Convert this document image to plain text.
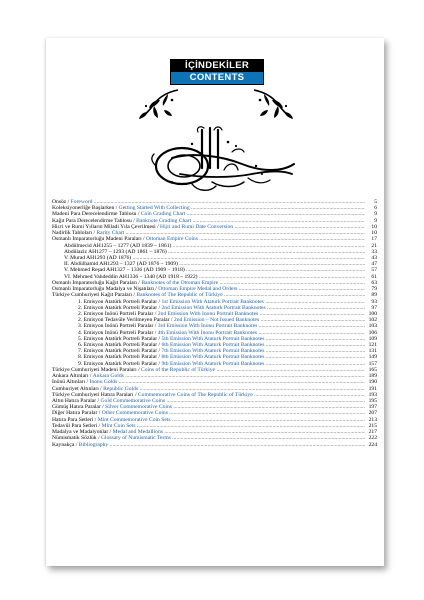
İÇİNDEKİLER
CONTENTS
Önsöz / Foreword .....	5
Koleksiyonerliğe Başlarken / Getting Started With Collecting .....	6
Madeni Para Derecelendirme Tablosu / Coin Grading Chart .....	9
Kağıt Para Derecelendirme Tablosu / Banknote Grading Chart .....	9
Hicri ve Rumi Yılların Miladi Yıla Çevrilmesi / Hijri and Rumi Date Conversion .....	10
Nadirlik Tabloları / Rarity Chart .....	10
Osmanlı İmparatorluğu Madeni Paraları / Ottoman Empire Coins .....	17
Abdülmecid AH1255 – 1277 (AD 1839 – 1861) .....	21
Abdülaziz AH1277 – 1293 (AD 1861 – 1876) .....	33
V. Murad AH1293 (AD 1876) .....	43
II. Abdülhamid AH1293 – 1327 (AD 1876 – 1909) .....	47
V. Mehmed Reşad AH1327 – 1336 (AD 1909 – 1918) .....	57
VI. Mehmed Vahdeddin AH1336 – 1340 (AD 1918 – 1922) .....	61
Osmanlı İmparatorluğu Kağıt Paraları / Banknotes of the Ottoman Empire .....	63
Osmanlı İmparatorluğu Madalya ve Nişanları / Ottoman Empire Medal and Orders .....	79
Türkiye Cumhuriyeti Kağıt Paraları / Banknotes of The Republic of Türkiye .....	89
1. Emisyon Atatürk Portreli Paralar / 1st Emission With Ataturk Portrait Banknotes .....	93
2. Emisyon Atatürk Portreli Paralar / 2nd Emission With Ataturk Portrait Banknotes .....	97
2. Emisyon İnönü Portreli Paralar / 2nd Emission With Inonu Portrait Banknotes .....	100
2. Emisyon Tedavüle Verilmeyen Paralar / 2nd Emission – Not Issued Banknotes .....	102
3. Emisyon İnönü Portreli Paralar / 3rd Emission With Inonu Portrait Banknotes .....	103
4. Emisyon İnönü Portreli Paralar / 4th Emission With Inonu Portrait Banknotes .....	106
5. Emisyon Atatürk Portreli Paralar / 5th Emission With Ataturk Portrait Banknotes .....	109
6. Emisyon Atatürk Portreli Paralar / 6th Emission With Ataturk Portrait Banknotes .....	121
7. Emisyon Atatürk Portreli Paralar / 7th Emission With Ataturk Portrait Banknotes .....	131
8. Emisyon Atatürk Portreli Paralar / 8th Emission With Ataturk Portrait Banknotes .....	149
9. Emisyon Atatürk Portreli Paralar / 9th Emission With Ataturk Portrait Banknotes .....	157
Türkiye Cumhuriyeti Madeni Paraları / Coins of the Republic of Türkiye .....	165
Ankara Altınları / Ankara Golds .....	189
İnönü Altınları / Inonu Golds .....	190
Cumhuriyet Altınları / Republic Golds .....	191
Türkiye Cumhuriyeti Hatıra Paraları / Commemorative Coins of The Republic of Türkiye .....	193
Altın Hatıra Paralar / Gold Commemorative Coins .....	195
Gümüş Hatıra Paralar / Silver Commemorative Coins .....	197
Diğer Hatıra Paralar / Other Commemorative Coins .....	207
Hatıra Para Setleri / Mint Commemorative Coin Sets .....	213
Tedavül Para Setleri / Mint Coin Sets .....	215
Madalya ve Madalyonlar / Medal and Medallions .....	217
Nümismatik Sözlük / Glossary of Numismatic Terms .....	222
Kaynakça / Bibliography .....	224
